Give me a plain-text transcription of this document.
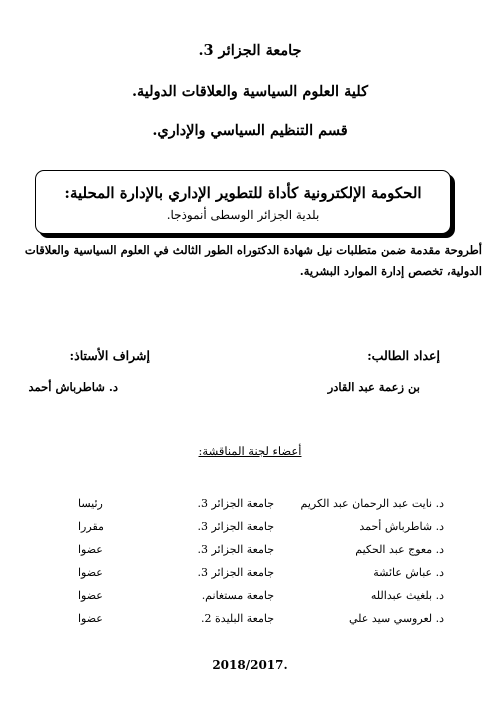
جامعة الجزائر 3.
كلية العلوم السياسية والعلاقات الدولية.
قسم التنظيم السياسي والإداري.
الحكومة الإلكترونية كأداة للتطوير الإداري بالإدارة المحلية:
بلدية الجزائر الوسطى أنموذجا.
أطروحة مقدمة ضمن متطلبات نيل شهادة الدكتوراه الطور الثالث في العلوم السياسية والعلاقات الدولية، تخصص إدارة الموارد البشرية.
إعداد الطالب:
إشراف الأستاذ:
بن زعمة عبد القادر
د. شاطرباش أحمد
أعضاء لجنة المناقشة:
د. نايت عبد الرحمان عبد الكريم
جامعة الجزائر 3.
رئيسا
د. شاطرباش أحمد
جامعة الجزائر 3.
مقررا
د. معوج عبد الحكيم
جامعة الجزائر 3.
عضوا
د. عباش عائشة
جامعة الجزائر 3.
عضوا
د. بلغيث عبدالله
جامعة مستغانم.
عضوا
د. لعروسي سيد علي
جامعة البليدة 2.
عضوا
2018/2017.
